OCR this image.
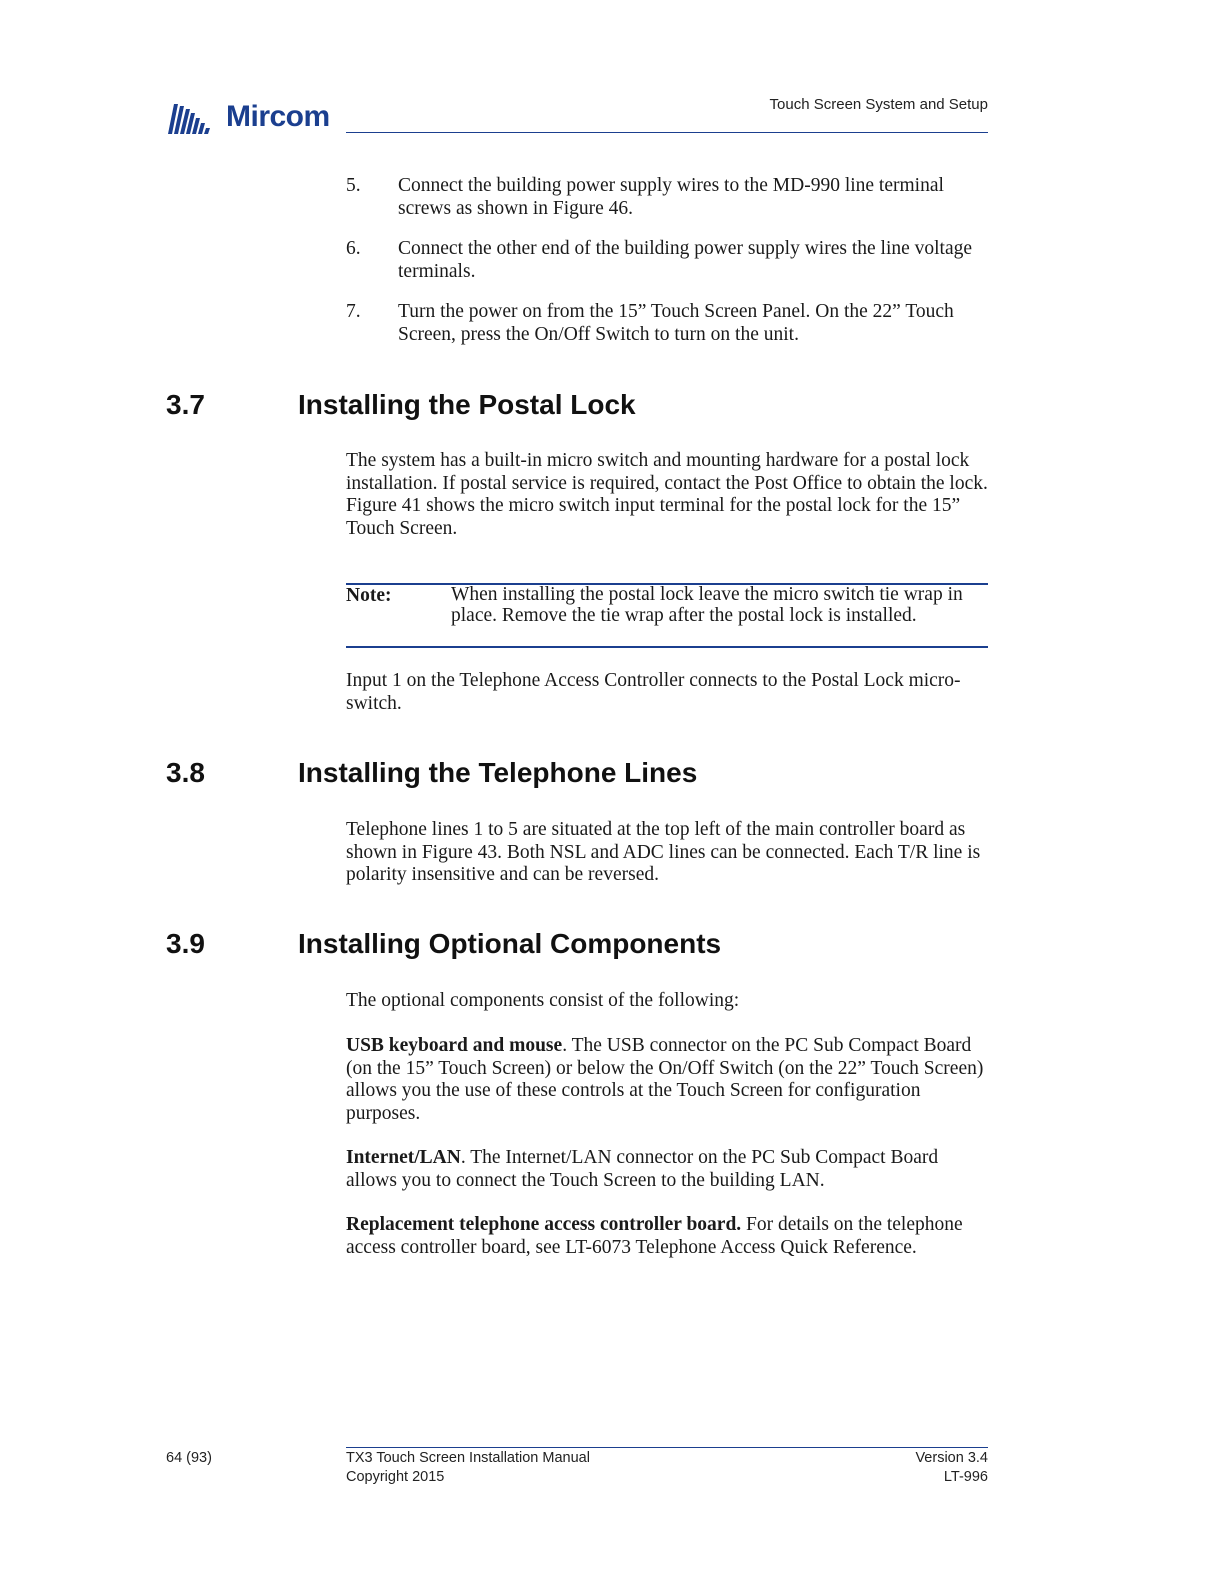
Mircom	Touch Screen System and Setup
5.	Connect the building power supply wires to the MD-990 line terminal screws as shown in Figure 46.
6.	Connect the other end of the building power supply wires the line voltage terminals.
7.	Turn the power on from the 15” Touch Screen Panel. On the 22” Touch Screen, press the On/Off Switch to turn on the unit.
3.7	Installing the Postal Lock
The system has a built-in micro switch and mounting hardware for a postal lock installation. If postal service is required, contact the Post Office to obtain the lock. Figure 41 shows the micro switch input terminal for the postal lock for the 15” Touch Screen.
Note:	When installing the postal lock leave the micro switch tie wrap in place. Remove the tie wrap after the postal lock is installed.
Input 1 on the Telephone Access Controller connects to the Postal Lock micro-switch.
3.8	Installing the Telephone Lines
Telephone lines 1 to 5 are situated at the top left of the main controller board as shown in Figure 43. Both NSL and ADC lines can be connected. Each T/R line is polarity insensitive and can be reversed.
3.9	Installing Optional Components
The optional components consist of the following:
USB keyboard and mouse. The USB connector on the PC Sub Compact Board (on the 15” Touch Screen) or below the On/Off Switch (on the 22” Touch Screen) allows you the use of these controls at the Touch Screen for configuration purposes.
Internet/LAN. The Internet/LAN connector on the PC Sub Compact Board allows you to connect the Touch Screen to the building LAN.
Replacement telephone access controller board. For details on the telephone access controller board, see LT-6073 Telephone Access Quick Reference.
64 (93)	TX3 Touch Screen Installation Manual
Copyright 2015
Version 3.4
LT-996
